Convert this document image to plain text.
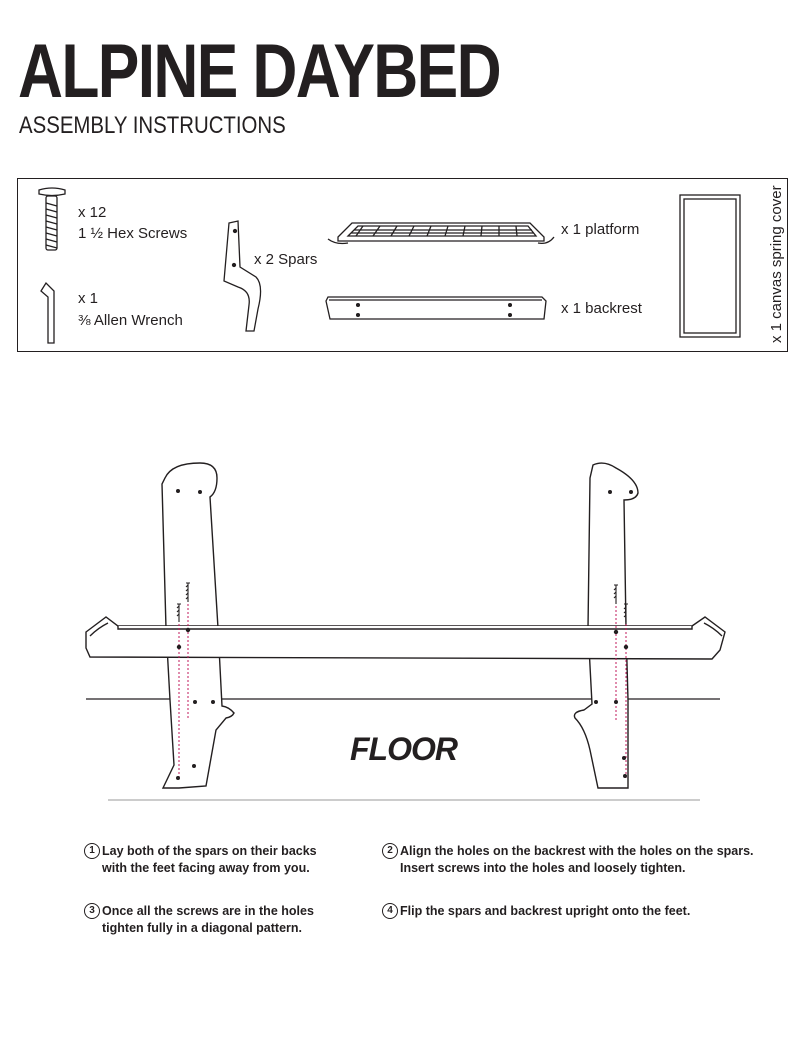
ALPINE DAYBED
ASSEMBLY INSTRUCTIONS
x 12
1 ½ Hex Screws
x 1
⅜ Allen Wrench
x 2 Spars
x 1 platform
x 1 backrest	x 1 canvas spring cover
FLOOR
1 Lay both of the spars on their backs
with the feet facing away from you.
2 Align the holes on the backrest with the holes on the spars.
Insert screws into the holes and loosely tighten.
3 Once all the screws are in the holes
tighten fully in a diagonal pattern.
4 Flip the spars and backrest upright onto the feet.
